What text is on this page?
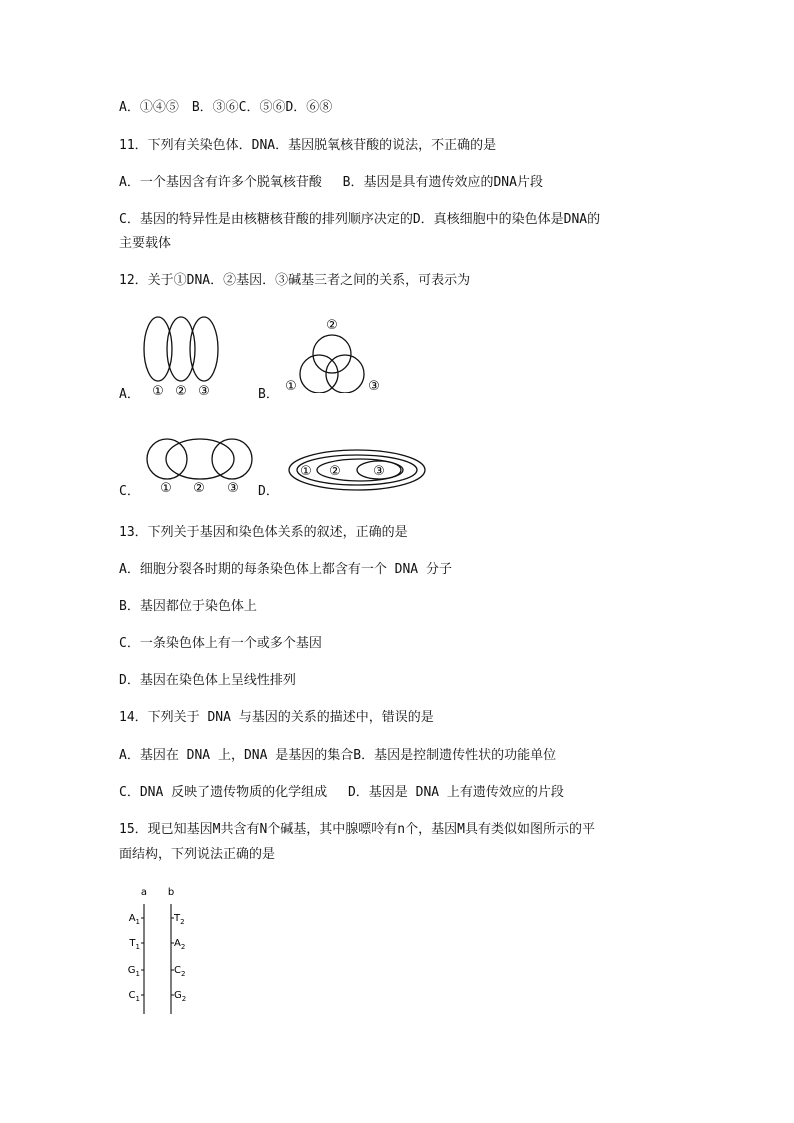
A．①④⑤　B．③⑥C．⑤⑥D．⑥⑧
11．下列有关染色体．DNA．基因脱氧核苷酸的说法，不正确的是
A．一个基因含有许多个脱氧核苷酸　 B．基因是具有遗传效应的DNA片段
C．基因的特异性是由核糖核苷酸的排列顺序决定的D．真核细胞中的染色体是DNA的
主要载体
12．关于①DNA．②基因．③碱基三者之间的关系，可表示为
A． ① ② ③	B．
②
①	③
C． ① ② ③ D．
① ② ③
13．下列关于基因和染色体关系的叙述，正确的是
A．细胞分裂各时期的每条染色体上都含有一个 DNA 分子
B．基因都位于染色体上
C．一条染色体上有一个或多个基因
D．基因在染色体上呈线性排列
14．下列关于 DNA 与基因的关系的描述中，错误的是
A．基因在 DNA 上，DNA 是基因的集合B．基因是控制遗传性状的功能单位
C．DNA 反映了遗传物质的化学组成　 D．基因是 DNA 上有遗传效应的片段
15．现已知基因M共含有N个碱基，其中腺嘌呤有n个，基因M具有类似如图所示的平
面结构，下列说法正确的是
a b
$A_1$
$T_1$
$G_1$
$C_1$
$T_2$
$A_2$
$C_2$
$G_2$
